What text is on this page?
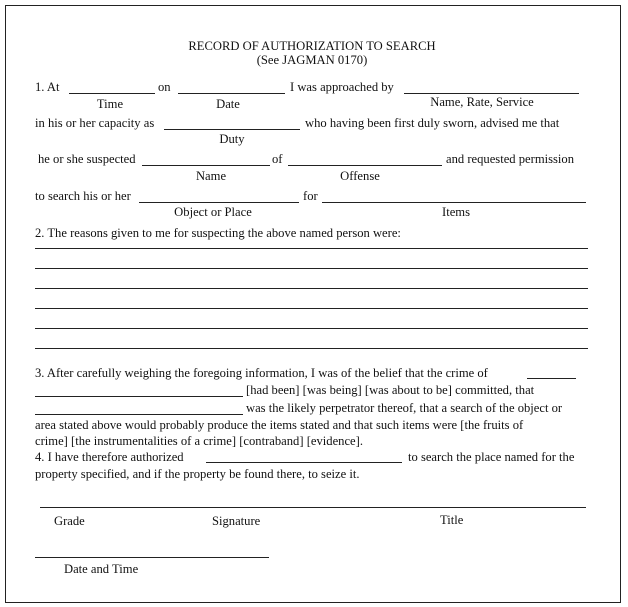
RECORD OF AUTHORIZATION TO SEARCH
(See JAGMAN 0170)
1. At	on	I was approached by
Time	Date	Name, Rate, Service
in his or her capacity as	who having been first duly sworn, advised me that
Duty
he or she suspected	of	and requested permission
Name	Offense
to search his or her	for
Object or Place	Items
2. The reasons given to me for suspecting the above named person were:
3. After carefully weighing the foregoing information, I was of the belief that the crime of
[had been] [was being] [was about to be] committed, that
was the likely perpetrator thereof, that a search of the object or
area stated above would probably produce the items stated and that such items were [the fruits of
crime] [the instrumentalities of a crime] [contraband] [evidence].
4. I have therefore authorized	to search the place named for the
property specified, and if the property be found there, to seize it.
Grade	Signature	Title
Date and Time
